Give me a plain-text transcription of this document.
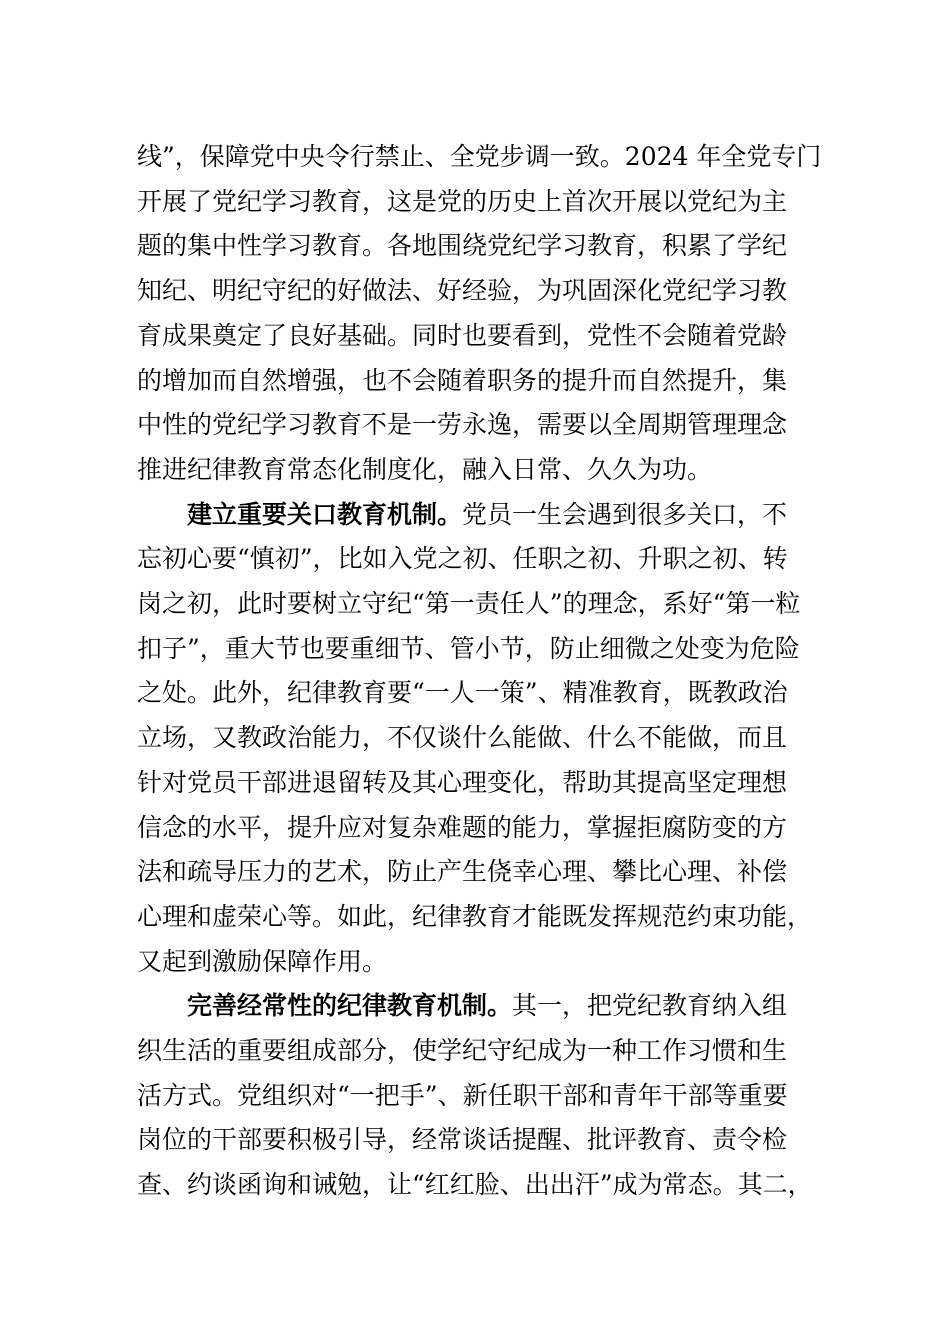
线”，保障党中央令行禁止、全党步调一致。2024 年全党专门
开展了党纪学习教育，这是党的历史上首次开展以党纪为主
题的集中性学习教育。各地围绕党纪学习教育，积累了学纪
知纪、明纪守纪的好做法、好经验，为巩固深化党纪学习教
育成果奠定了良好基础。同时也要看到，党性不会随着党龄
的增加而自然增强，也不会随着职务的提升而自然提升，集
中性的党纪学习教育不是一劳永逸，需要以全周期管理理念
推进纪律教育常态化制度化，融入日常、久久为功。

建立重要关口教育机制。党员一生会遇到很多关口，不
忘初心要“慎初”，比如入党之初、任职之初、升职之初、转
岗之初，此时要树立守纪“第一责任人”的理念，系好“第一粒
扣子”，重大节也要重细节、管小节，防止细微之处变为危险
之处。此外，纪律教育要“一人一策”、精准教育，既教政治
立场，又教政治能力，不仅谈什么能做、什么不能做，而且
针对党员干部进退留转及其心理变化，帮助其提高坚定理想
信念的水平，提升应对复杂难题的能力，掌握拒腐防变的方
法和疏导压力的艺术，防止产生侥幸心理、攀比心理、补偿
心理和虚荣心等。如此，纪律教育才能既发挥规范约束功能，
又起到激励保障作用。

完善经常性的纪律教育机制。其一，把党纪教育纳入组
织生活的重要组成部分，使学纪守纪成为一种工作习惯和生
活方式。党组织对“一把手”、新任职干部和青年干部等重要
岗位的干部要积极引导，经常谈话提醒、批评教育、责令检
查、约谈函询和诫勉，让“红红脸、出出汗”成为常态。其二，
